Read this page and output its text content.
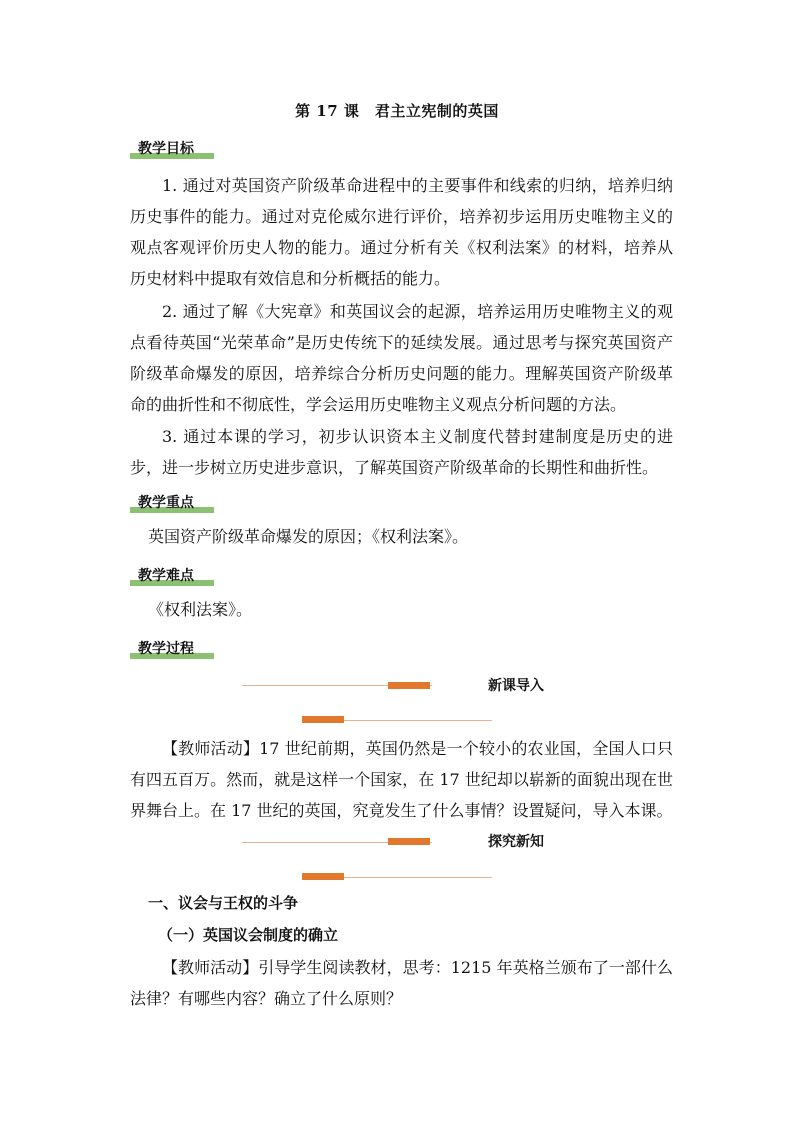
第 17 课　君主立宪制的英国
教学目标

1. 通过对英国资产阶级革命进程中的主要事件和线索的归纳，培养归纳历史事件的能力。通过对克伦威尔进行评价，培养初步运用历史唯物主义的观点客观评价历史人物的能力。通过分析有关《权利法案》的材料，培养从历史材料中提取有效信息和分析概括的能力。

2. 通过了解《大宪章》和英国议会的起源，培养运用历史唯物主义的观点看待英国“光荣革命”是历史传统下的延续发展。通过思考与探究英国资产阶级革命爆发的原因，培养综合分析历史问题的能力。理解英国资产阶级革命的曲折性和不彻底性，学会运用历史唯物主义观点分析问题的方法。

3. 通过本课的学习，初步认识资本主义制度代替封建制度是历史的进步，进一步树立历史进步意识，了解英国资产阶级革命的长期性和曲折性。

教学重点
英国资产阶级革命爆发的原因；《权利法案》。
教学难点
《权利法案》。
教学过程
新课导入

【教师活动】17 世纪前期，英国仍然是一个较小的农业国，全国人口只有四五百万。然而，就是这样一个国家，在 17 世纪却以崭新的面貌出现在世界舞台上。在 17 世纪的英国，究竟发生了什么事情？设置疑问，导入本课。

探究新知
一、议会与王权的斗争
（一）英国议会制度的确立

【教师活动】引导学生阅读教材，思考：1215 年英格兰颁布了一部什么法律？有哪些内容？确立了什么原则？
